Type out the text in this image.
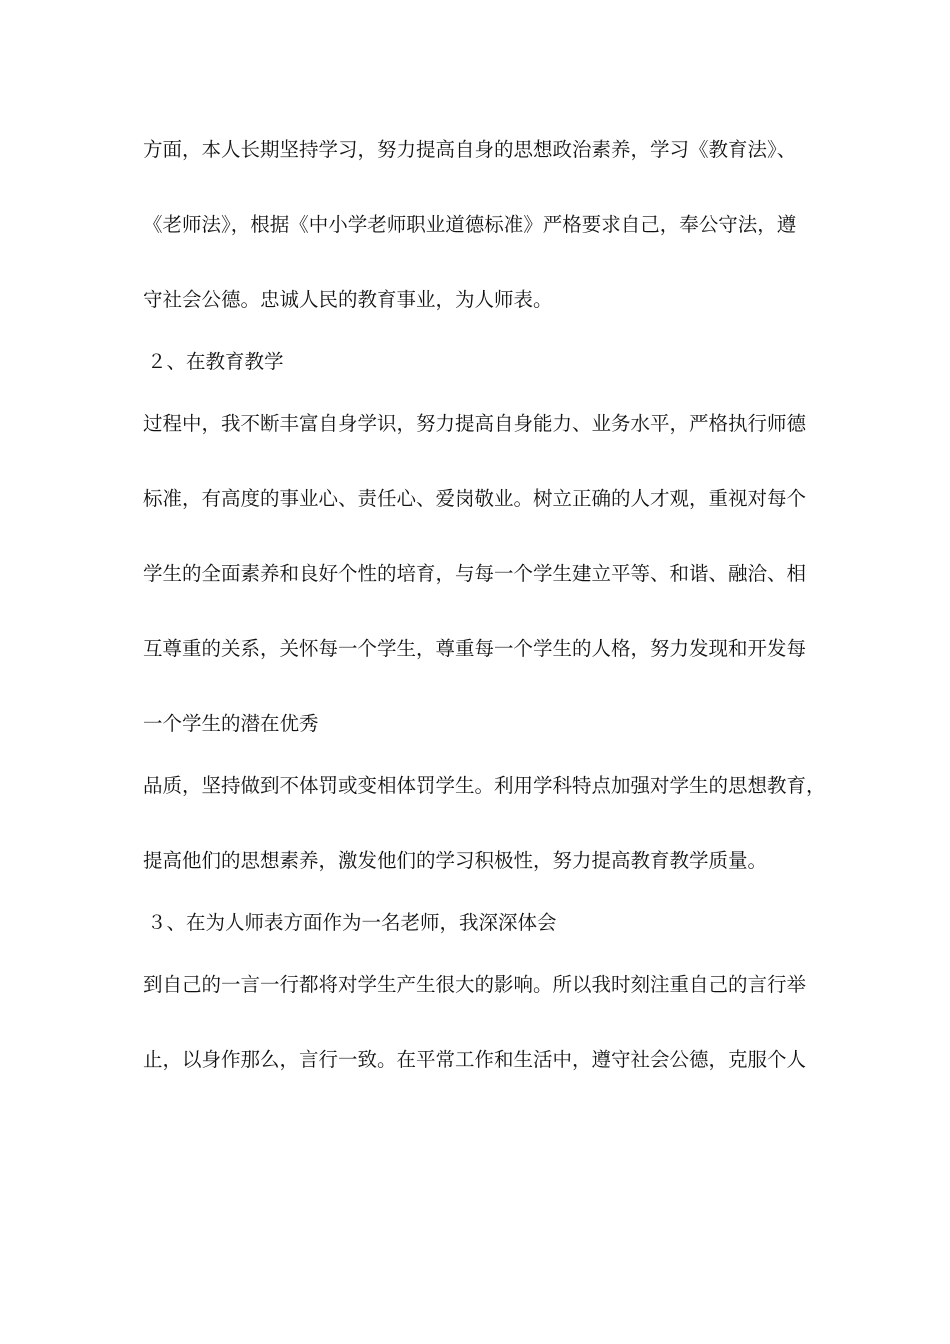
方面，本人长期坚持学习，努力提高自身的思想政治素养，学习《教育法》、
《老师法》，根据《中小学老师职业道德标准》严格要求自己，奉公守法，遵
守社会公德。忠诚人民的教育事业，为人师表。
２、在教育教学
过程中，我不断丰富自身学识，努力提高自身能力、业务水平，严格执行师德
标准，有高度的事业心、责任心、爱岗敬业。树立正确的人才观，重视对每个
学生的全面素养和良好个性的培育，与每一个学生建立平等、和谐、融洽、相
互尊重的关系，关怀每一个学生，尊重每一个学生的人格，努力发现和开发每
一个学生的潜在优秀
品质，坚持做到不体罚或变相体罚学生。利用学科特点加强对学生的思想教育，
提高他们的思想素养，激发他们的学习积极性，努力提高教育教学质量。
３、在为人师表方面作为一名老师，我深深体会
到自己的一言一行都将对学生产生很大的影响。所以我时刻注重自己的言行举
止，以身作那么，言行一致。在平常工作和生活中，遵守社会公德，克服个人
